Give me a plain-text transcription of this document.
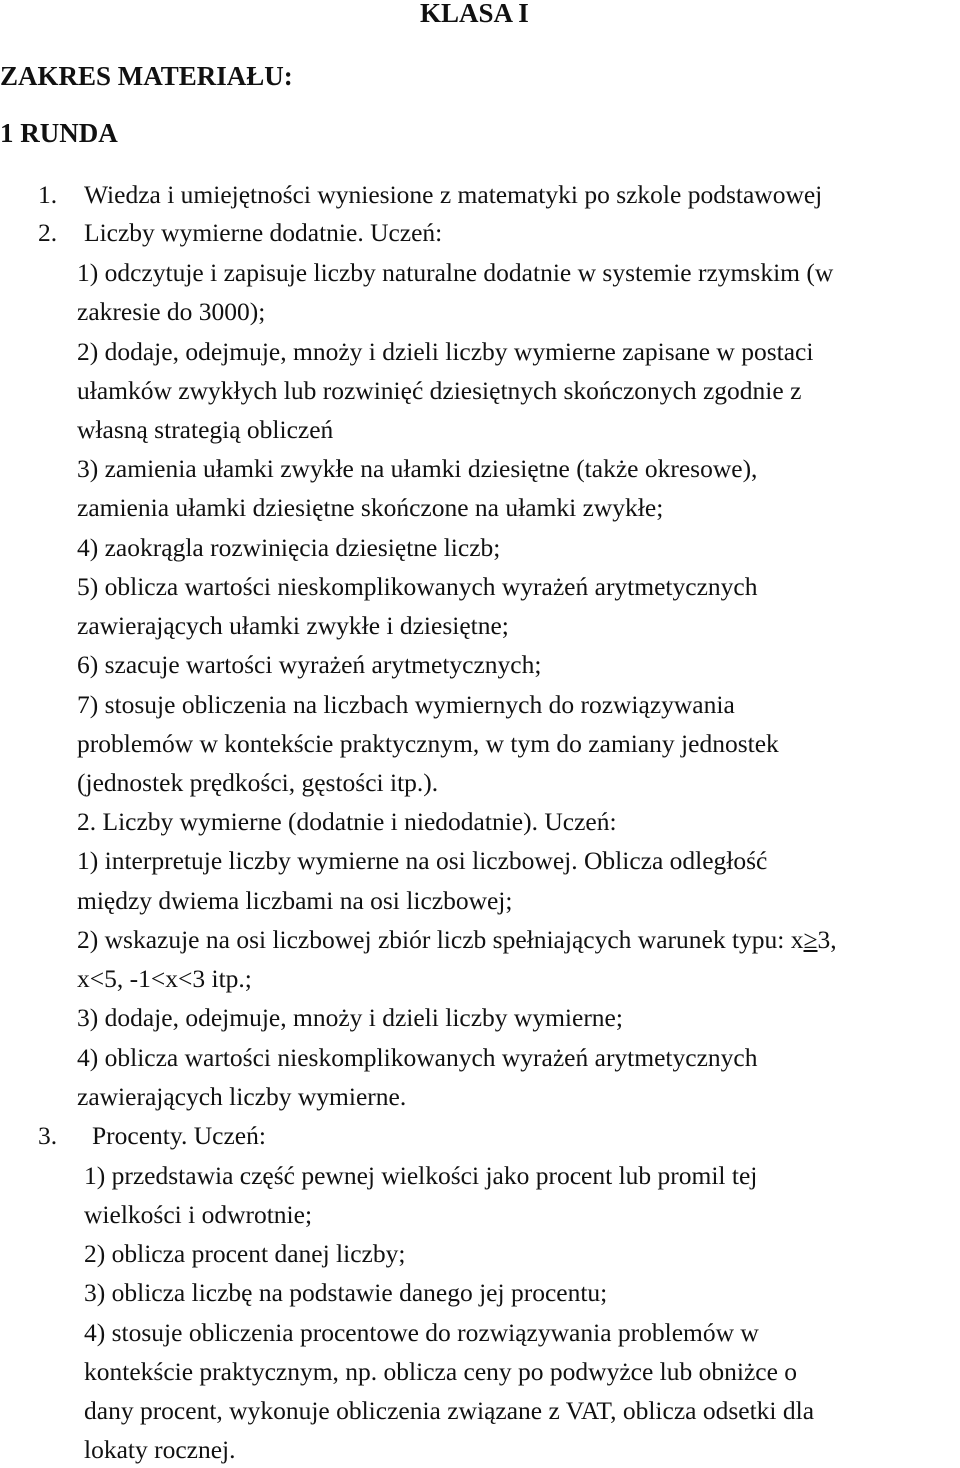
KLASA I
ZAKRES MATERIAŁU:
1 RUNDA
1. Wiedza i umiejętności wyniesione z matematyki po szkole podstawowej
2. Liczby wymierne dodatnie. Uczeń:
1) odczytuje i zapisuje liczby naturalne dodatnie w systemie rzymskim (w
zakresie do 3000);
2) dodaje, odejmuje, mnoży i dzieli liczby wymierne zapisane w postaci
ułamków zwykłych lub rozwinięć dziesiętnych skończonych zgodnie z
własną strategią obliczeń
3) zamienia ułamki zwykłe na ułamki dziesiętne (także okresowe),
zamienia ułamki dziesiętne skończone na ułamki zwykłe;
4) zaokrągla rozwinięcia dziesiętne liczb;
5) oblicza wartości nieskomplikowanych wyrażeń arytmetycznych
zawierających ułamki zwykłe i dziesiętne;
6) szacuje wartości wyrażeń arytmetycznych;
7) stosuje obliczenia na liczbach wymiernych do rozwiązywania
problemów w kontekście praktycznym, w tym do zamiany jednostek
(jednostek prędkości, gęstości itp.).
2. Liczby wymierne (dodatnie i niedodatnie). Uczeń:
1) interpretuje liczby wymierne na osi liczbowej. Oblicza odległość
między dwiema liczbami na osi liczbowej;
2) wskazuje na osi liczbowej zbiór liczb spełniających warunek typu: x≥3,
x<5, -1<x<3 itp.;
3) dodaje, odejmuje, mnoży i dzieli liczby wymierne;
4) oblicza wartości nieskomplikowanych wyrażeń arytmetycznych
zawierających liczby wymierne.
3. Procenty. Uczeń:
1) przedstawia część pewnej wielkości jako procent lub promil tej
wielkości i odwrotnie;
2) oblicza procent danej liczby;
3) oblicza liczbę na podstawie danego jej procentu;
4) stosuje obliczenia procentowe do rozwiązywania problemów w
kontekście praktycznym, np. oblicza ceny po podwyżce lub obniżce o
dany procent, wykonuje obliczenia związane z VAT, oblicza odsetki dla
lokaty rocznej.
